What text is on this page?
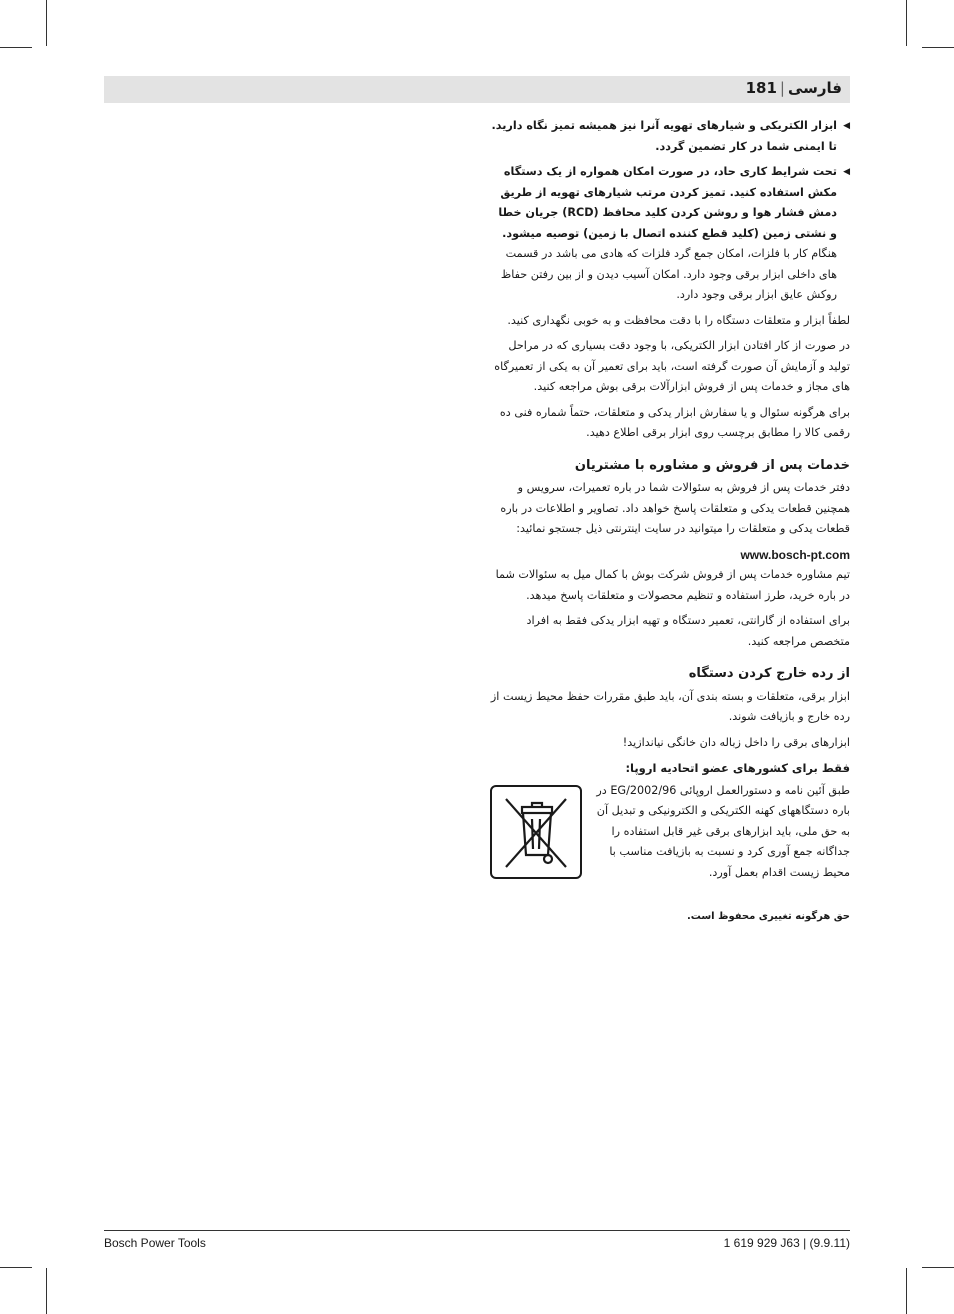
فارسی|181
◀
ابزار الکتریکی و شیارهای تهویه آنرا نیز همیشه تمیز نگاه دارید. تا ایمنی شما در کار تضمین گردد.
◀
تحت شرایط کاری حاد، در صورت امکان همواره از یک دستگاه مکش استفاده کنید. تمیز کردن مرتب شیارهای تهویه از طریق دمش فشار هوا و روشن کردن کلید محافظ (RCD) جریان خطا و نشتی زمین (کلید قطع کننده اتصال با زمین) توصیه میشود. هنگام کار با فلزات، امکان جمع گرد فلزات که هادی می باشد در قسمت های داخلی ابزار برقی وجود دارد. امکان آسیب دیدن و از بین رفتن حفاظ روکش عایق ابزار برقی وجود دارد.

لطفاً ابزار و متعلقات دستگاه را با دقت محافظت و به خوبی نگهداری کنید.

در صورت از کار افتادن ابزار الکتریکی، با وجود دقت بسیاری که در مراحل تولید و آزمایش آن صورت گرفته است، باید برای تعمیر آن به یکی از تعمیرگاه های مجاز و خدمات پس از فروش ابزارآلات برقی بوش مراجعه کنید.

برای هرگونه سئوال و یا سفارش ابزار یدکی و متعلقات، حتماً شماره فنی ده رقمی کالا را مطابق برچسب روی ابزار برقی اطلاع دهید.

خدمات پس از فروش و مشاوره با مشتریان

دفتر خدمات پس از فروش به سئوالات شما در باره تعمیرات، سرویس و همچنین قطعات یدکی و متعلقات پاسخ خواهد داد. تصاویر و اطلاعات در باره قطعات یدکی و متعلقات را میتوانید در سایت اینترنتی ذیل جستجو نمائید:

www.bosch-pt.com

تیم مشاوره خدمات پس از فروش شرکت بوش با کمال میل به سئوالات شما در باره خرید، طرز استفاده و تنظیم محصولات و متعلقات پاسخ میدهد.

برای استفاده از گارانتی، تعمیر دستگاه و تهیه ابزار یدکی فقط به افراد متخصص مراجعه کنید.

از رده خارج کردن دستگاه

ابزار برقی، متعلقات و بسته بندی آن، باید طبق مقررات حفظ محیط زیست از رده خارج و بازیافت شوند.

ابزارهای برقی را داخل زباله دان خانگی نیاندازید!

فقط برای کشورهای عضو اتحادیه اروپا:
طبق آئین نامه و دستورالعمل اروپائی 2002/96/EG در باره دستگاههای کهنه الکتریکی و الکترونیکی و تبدیل آن به حق ملی، باید ابزارهای برقی غیر قابل استفاده را جداگانه جمع آوری کرد و نسبت به بازیافت مناسب با محیط زیست اقدام بعمل آورد.
حق هرگونه تغییری محفوظ است.
Bosch Power Tools	1 619 929 J63 | (9.9.11)
